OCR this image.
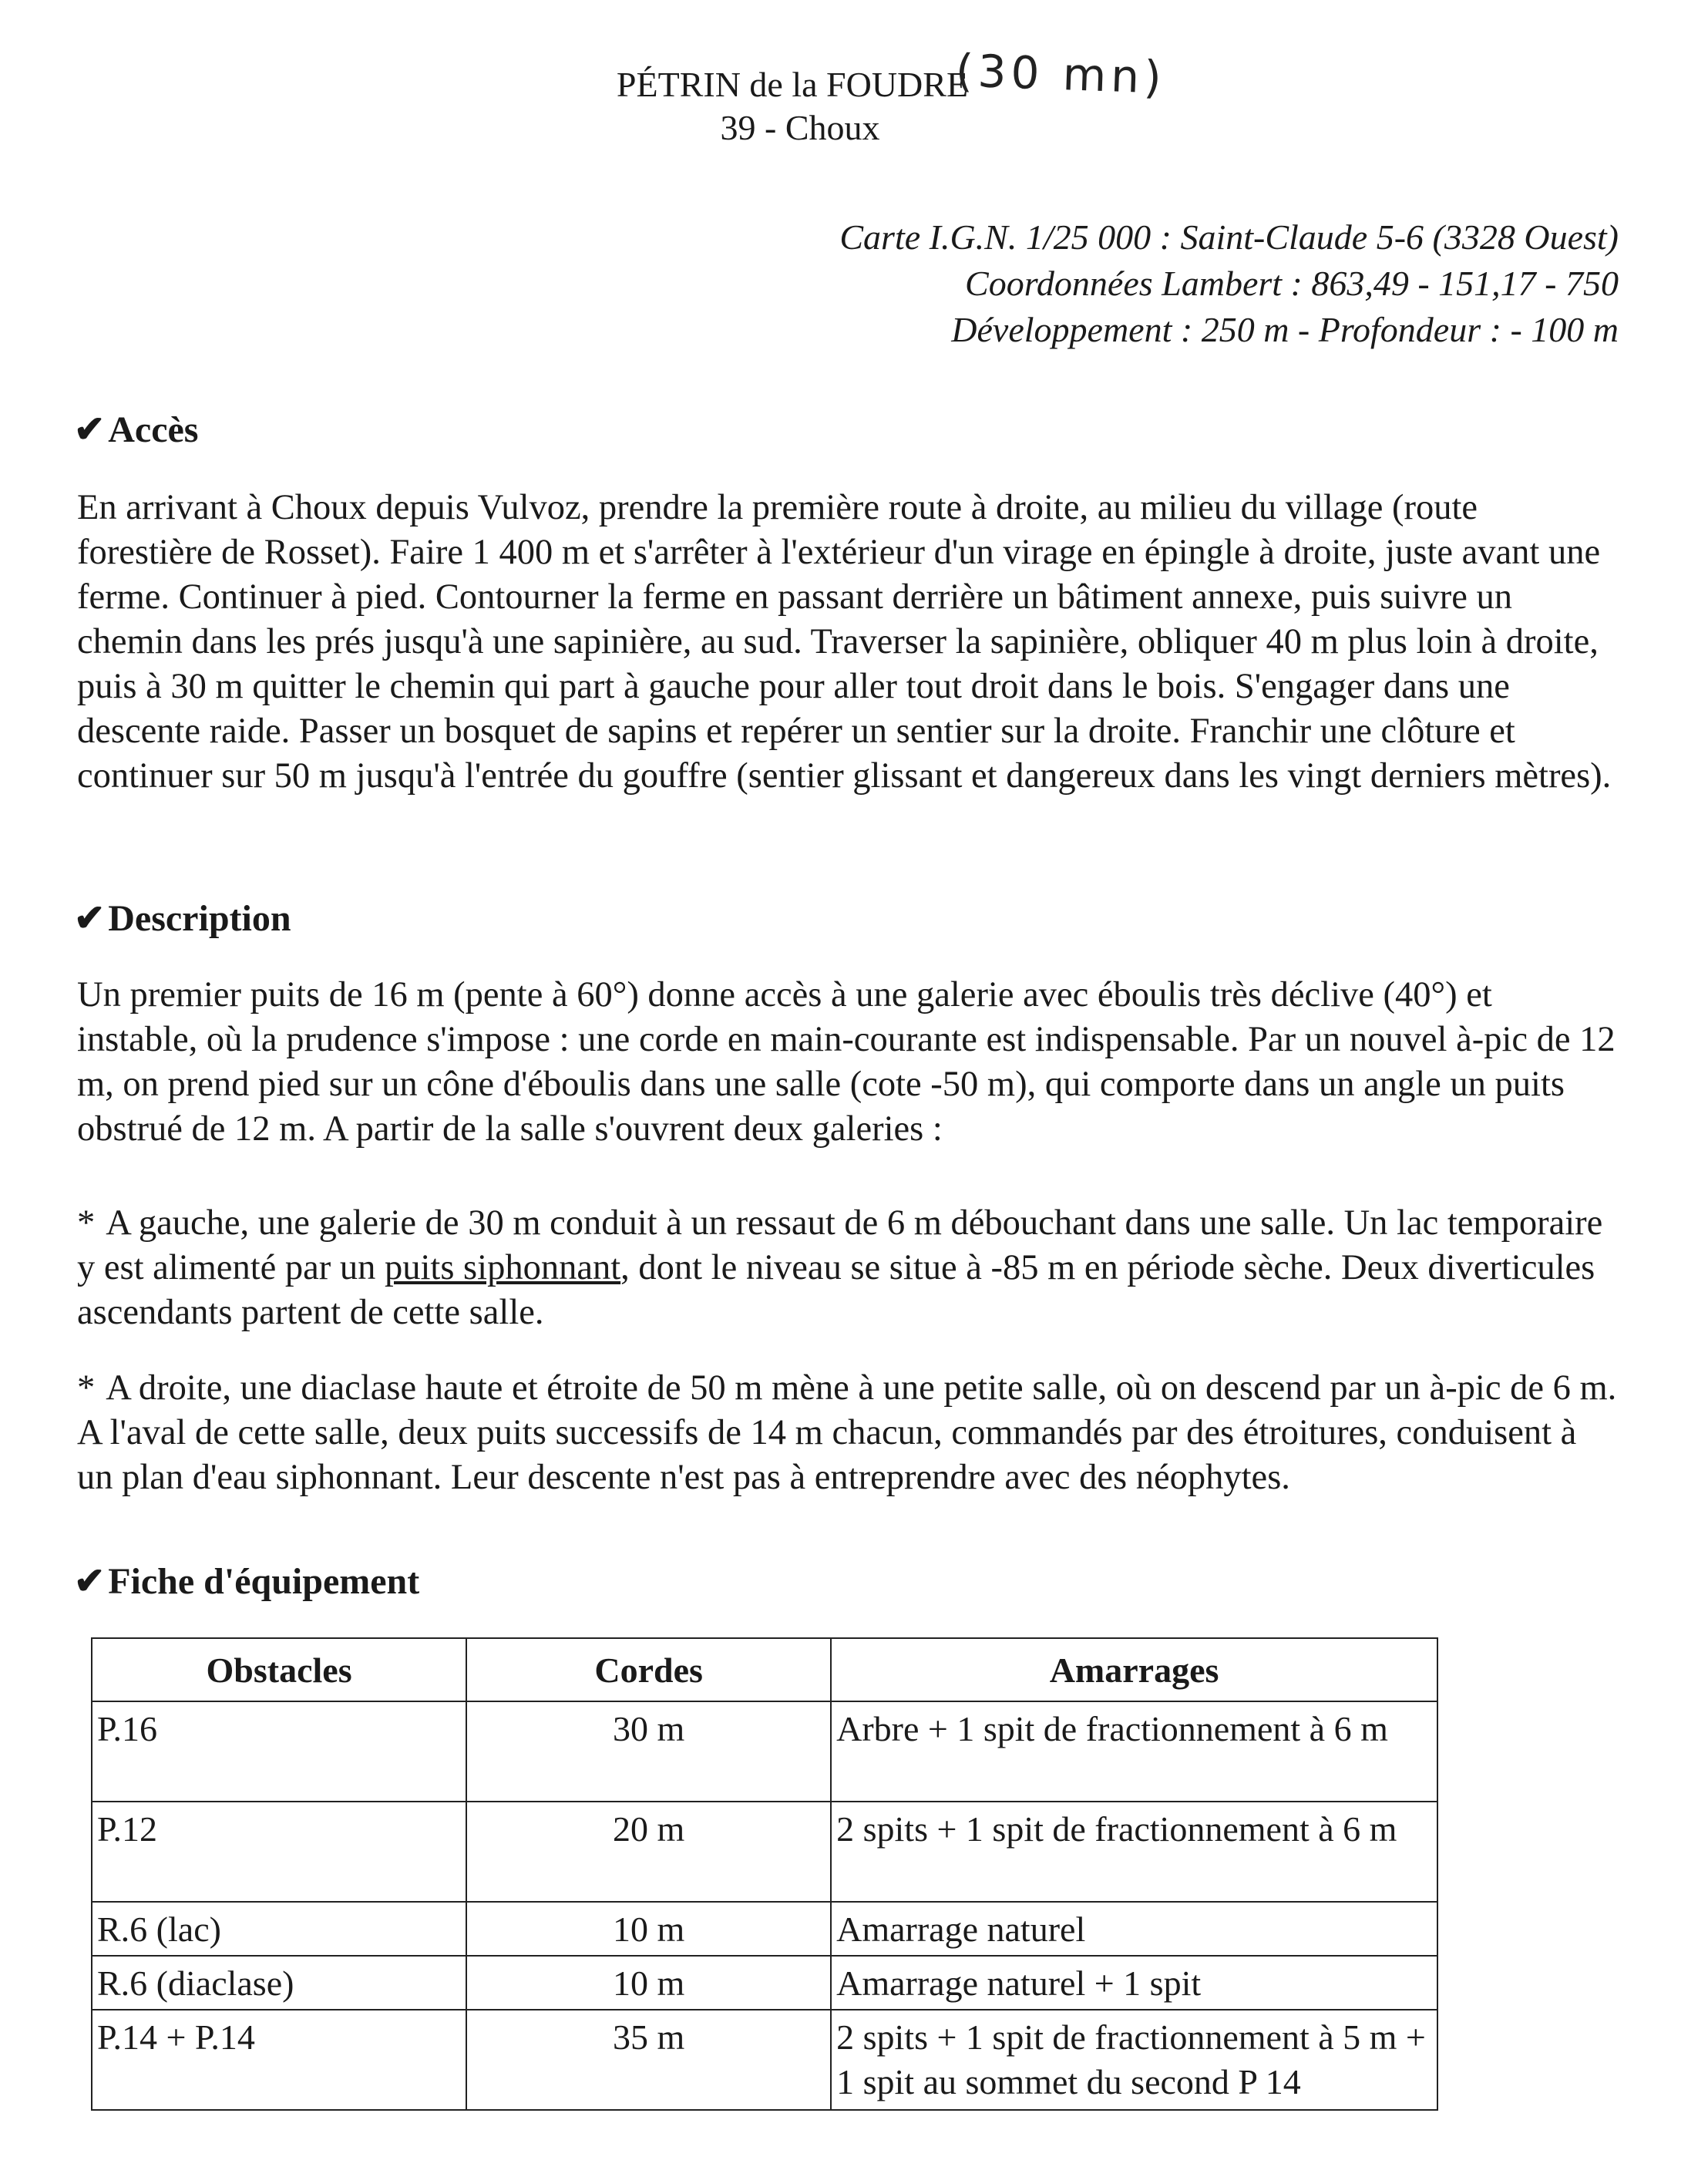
PÉTRIN de la FOUDRE
39 - Choux
(30 mn)
Carte I.G.N. 1/25 000 : Saint-Claude 5-6 (3328 Ouest)
Coordonnées Lambert : 863,49 - 151,17 - 750
Développement : 250 m - Profondeur : - 100 m
✔Accès
En arrivant à Choux depuis Vulvoz, prendre la première route à droite, au milieu du village (route forestière de Rosset). Faire 1 400 m et s'arrêter à l'extérieur d'un virage en épingle à droite, juste avant une ferme. Continuer à pied. Contourner la ferme en passant derrière un bâtiment annexe, puis suivre un chemin dans les prés jusqu'à une sapinière, au sud. Traverser la sapinière, obliquer 40 m plus loin à droite, puis à 30 m quitter le chemin qui part à gauche pour aller tout droit dans le bois. S'engager dans une descente raide. Passer un bosquet de sapins et repérer un sentier sur la droite. Franchir une clôture et continuer sur 50 m jusqu'à l'entrée du gouffre (sentier glissant et dangereux dans les vingt derniers mètres).
✔Description
Un premier puits de 16 m (pente à 60°) donne accès à une galerie avec éboulis très déclive (40°) et instable, où la prudence s'impose : une corde en main-courante est indispensable. Par un nouvel à-pic de 12 m, on prend pied sur un cône d'éboulis dans une salle (cote -50 m), qui comporte dans un angle un puits obstrué de 12 m. A partir de la salle s'ouvrent deux galeries :
* A gauche, une galerie de 30 m conduit à un ressaut de 6 m débouchant dans une salle. Un lac temporaire y est alimenté par un puits siphonnant, dont le niveau se situe à -85 m en période sèche. Deux diverticules ascendants partent de cette salle.
* A droite, une diaclase haute et étroite de 50 m mène à une petite salle, où on descend par un à-pic de 6 m. A l'aval de cette salle, deux puits successifs de 14 m chacun, commandés par des étroitures, conduisent à un plan d'eau siphonnant. Leur descente n'est pas à entreprendre avec des néophytes.
✔Fiche d'équipement
Obstacles	Cordes	Amarrages
P.16	30 m	Arbre + 1 spit de fractionnement à 6 m
P.12	20 m	2 spits + 1 spit de fractionnement à 6 m
R.6 (lac)	10 m	Amarrage naturel
R.6 (diaclase)	10 m	Amarrage naturel + 1 spit
P.14 + P.14	35 m	2 spits + 1 spit de fractionnement à 5 m + 1 spit au sommet du second P 14
